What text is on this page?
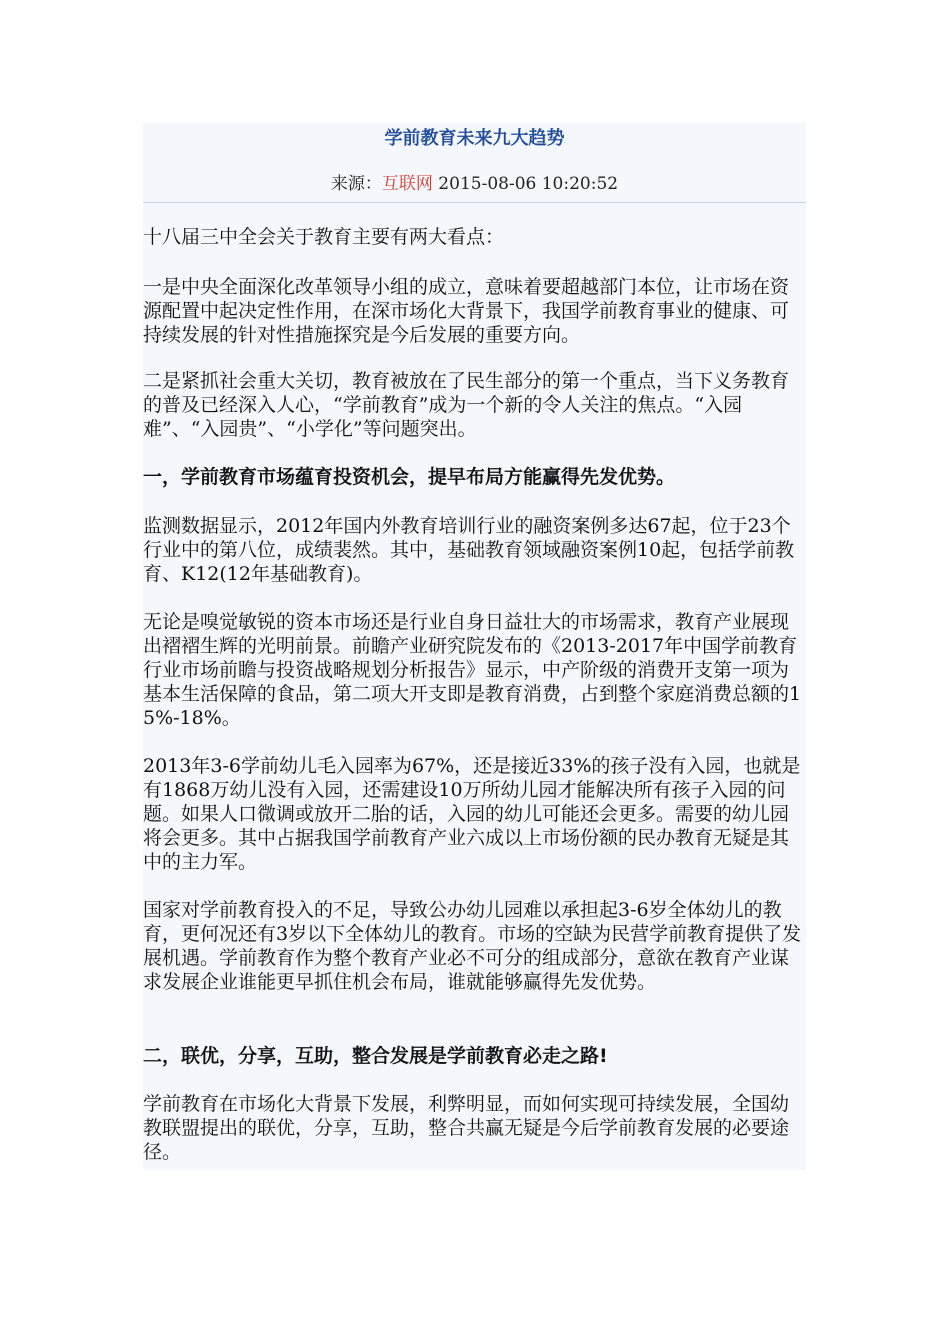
学前教育未来九大趋势
来源：互联网 2015-08-06 10:20:52

十八届三中全会关于教育主要有两大看点：

一是中央全面深化改革领导小组的成立，意味着要超越部门本位，让市场在资源配置中起决定性作用，在深市场化大背景下，我国学前教育事业的健康、可持续发展的针对性措施探究是今后发展的重要方向。

二是紧抓社会重大关切，教育被放在了民生部分的第一个重点，当下义务教育的普及已经深入人心，“学前教育”成为一个新的令人关注的焦点。“入园难”、“入园贵”、“小学化”等问题突出。

一，学前教育市场蕴育投资机会，提早布局方能赢得先发优势。

监测数据显示，2012年国内外教育培训行业的融资案例多达67起，位于23个行业中的第八位，成绩裴然。其中，基础教育领域融资案例10起，包括学前教育、K12(12年基础教育)。

无论是嗅觉敏锐的资本市场还是行业自身日益壮大的市场需求，教育产业展现出褶褶生辉的光明前景。前瞻产业研究院发布的《2013-2017年中国学前教育行业市场前瞻与投资战略规划分析报告》显示，中产阶级的消费开支第一项为基本生活保障的食品，第二项大开支即是教育消费，占到整个家庭消费总额的15%-18%。

2013年3-6学前幼儿毛入园率为67%，还是接近33%的孩子没有入园，也就是有1868万幼儿没有入园，还需建设10万所幼儿园才能解决所有孩子入园的问题。如果人口微调或放开二胎的话，入园的幼儿可能还会更多。需要的幼儿园将会更多。其中占据我国学前教育产业六成以上市场份额的民办教育无疑是其中的主力军。

国家对学前教育投入的不足，导致公办幼儿园难以承担起3-6岁全体幼儿的教育，更何况还有3岁以下全体幼儿的教育。市场的空缺为民营学前教育提供了发展机遇。学前教育作为整个教育产业必不可分的组成部分，意欲在教育产业谋求发展企业谁能更早抓住机会布局，谁就能够赢得先发优势。

二，联优，分享，互助，整合发展是学前教育必走之路!

学前教育在市场化大背景下发展，利弊明显，而如何实现可持续发展，全国幼教联盟提出的联优，分享，互助，整合共赢无疑是今后学前教育发展的必要途径。
